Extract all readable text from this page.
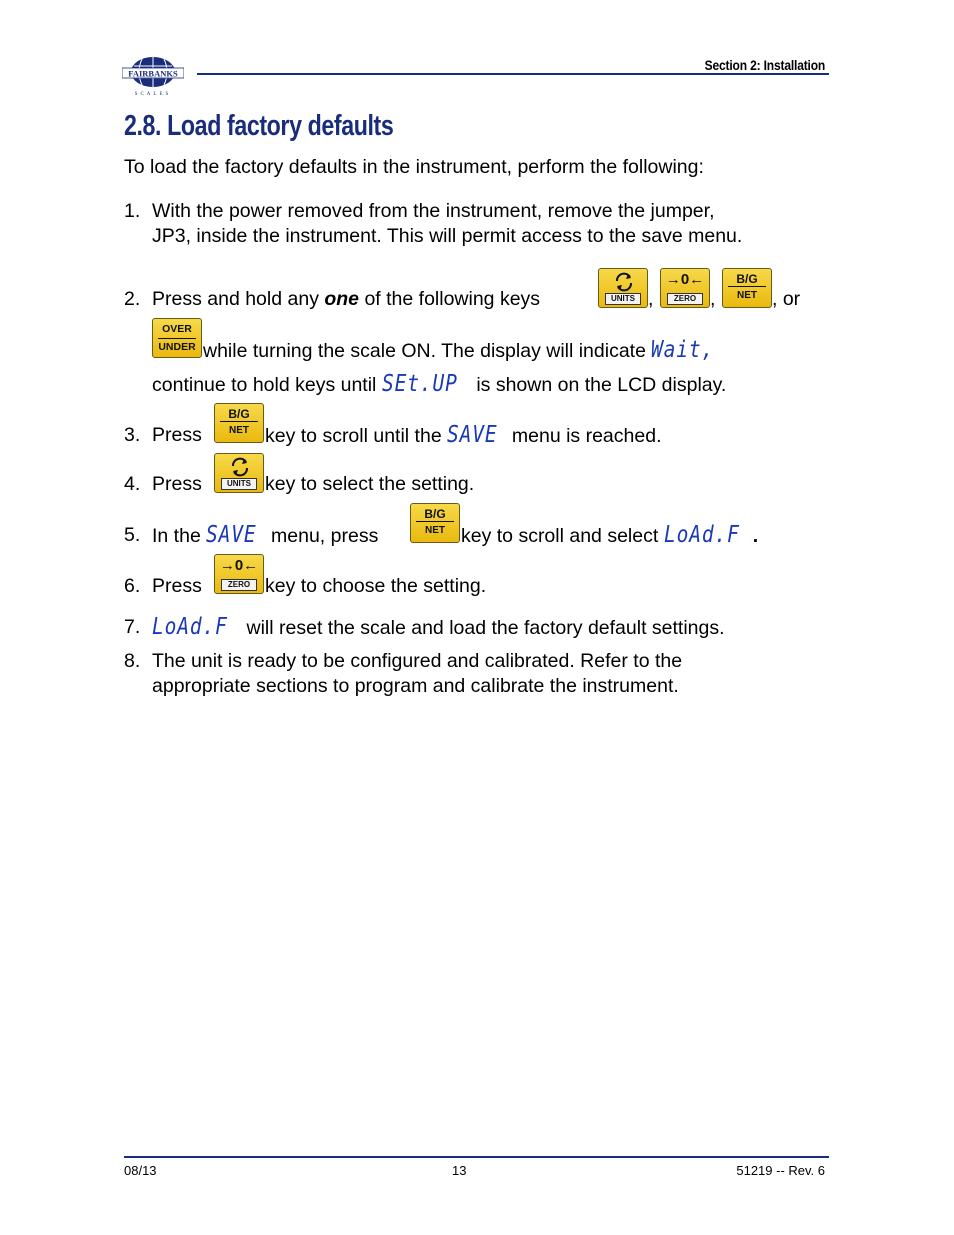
FAIRBANKS
SCALES
Section 2: Installation
2.8. Load factory defaults
To load the factory defaults in the instrument, perform the following:
1. With the power removed from the instrument, remove the jumper,
JP3, inside the instrument. This will permit access to the save menu.
2. Press and hold any one of the following keys	UNITS ,
→0←
ZERO ,
B/G
NET , or
OVER
UNDER while turning the scale ON. The display will indicate Wait,
continue to hold keys until SEt.UP is shown on the LCD display.
3. Press
B/G
NET key to scroll until the SAVE menu is reached.
4. Press	UNITS key to select the setting.
5. In the SAVE menu, press
B/G
NET key to scroll and select LoAd.F .
6. Press
→0←
ZERO key to choose the setting.
7. LoAd.F will reset the scale and load the factory default settings.
8. The unit is ready to be configured and calibrated. Refer to the
appropriate sections to program and calibrate the instrument.
08/13	13	51219 -- Rev. 6
